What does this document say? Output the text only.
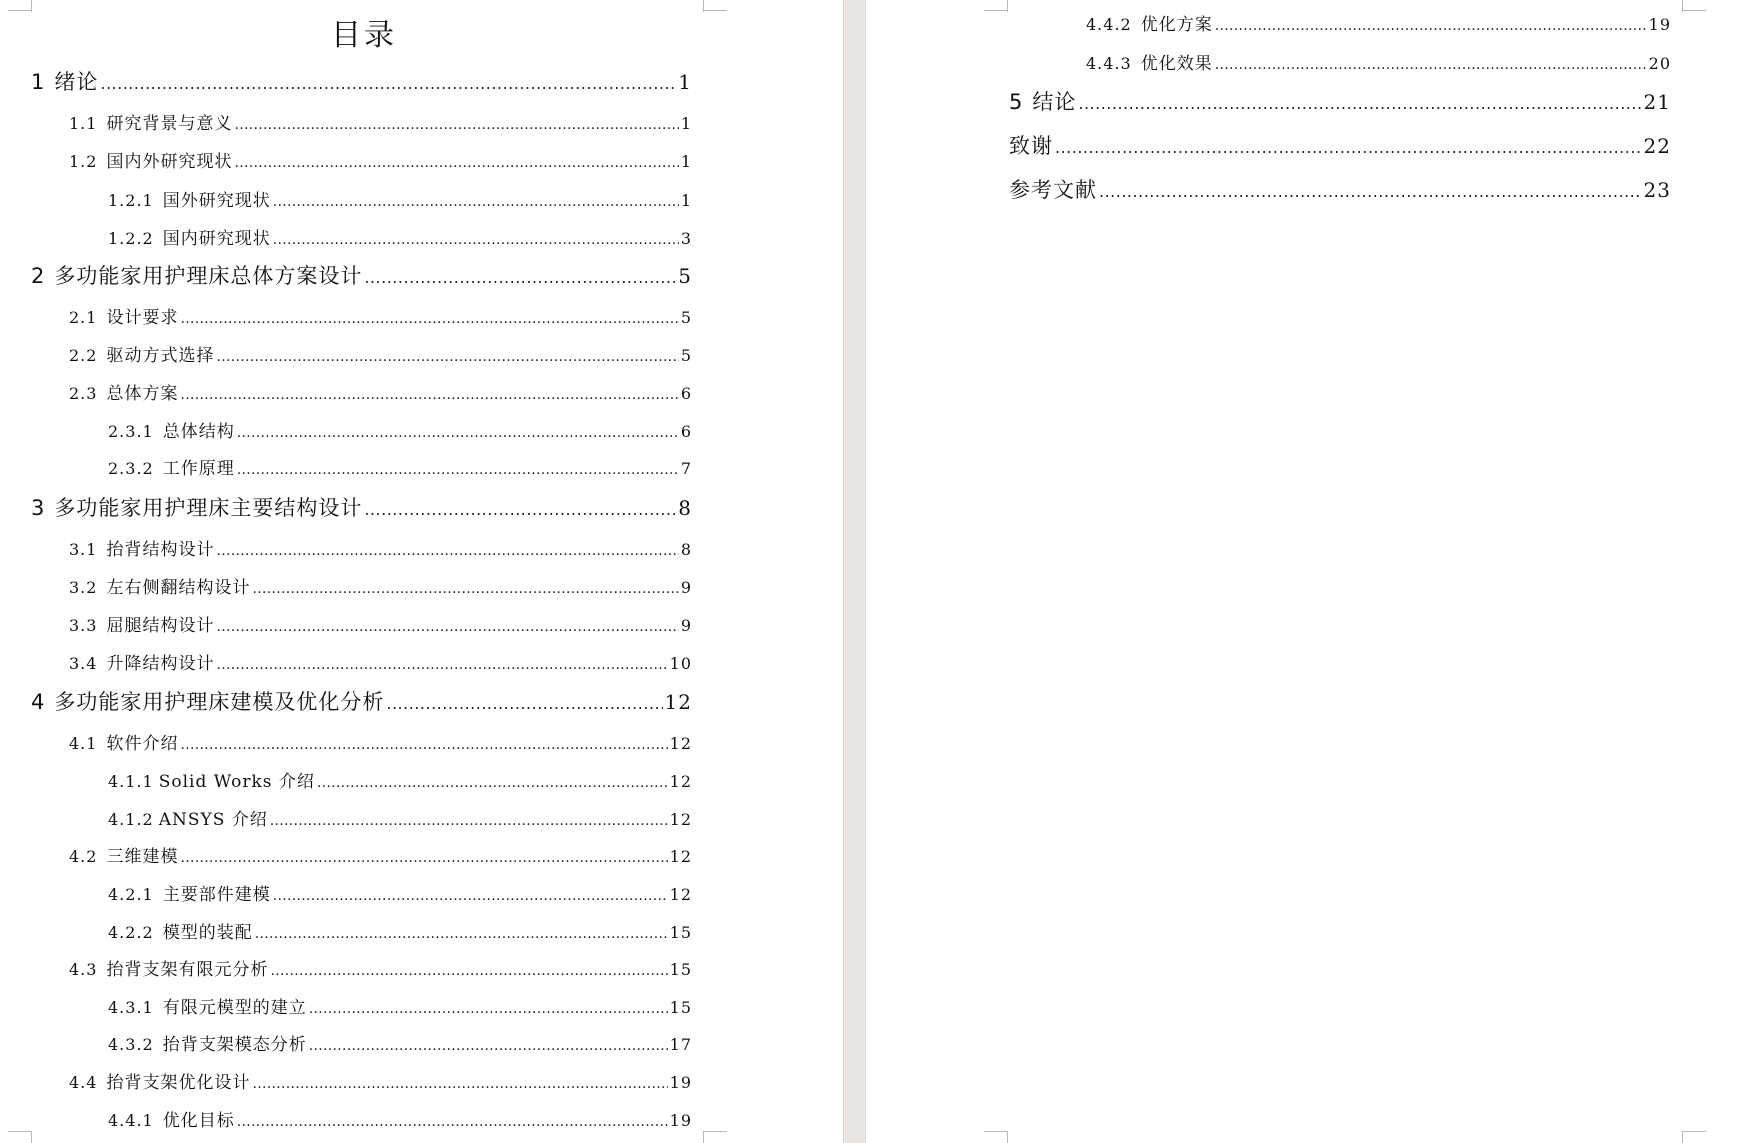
目录
1 绪论 .....	1
1.1 研究背景与意义 .....	1
1.2 国内外研究现状 .....	1
1.2.1 国外研究现状 .....	1
1.2.2 国内研究现状 .....	3
2 多功能家用护理床总体方案设计 .....	5
2.1 设计要求 .....	5
2.2 驱动方式选择 .....	5
2.3 总体方案 .....	6
2.3.1 总体结构 .....	6
2.3.2 工作原理 .....	7
3 多功能家用护理床主要结构设计 .....	8
3.1 抬背结构设计 .....	8
3.2 左右侧翻结构设计 .....	9
3.3 屈腿结构设计 .....	9
3.4 升降结构设计 .....	10
4 多功能家用护理床建模及优化分析 .....	12
4.1 软件介绍 .....	12
4.1.1 Solid Works 介绍 .....	12
4.1.2 ANSYS 介绍 .....	12
4.2 三维建模 .....	12
4.2.1 主要部件建模 .....	12
4.2.2 模型的装配 .....	15
4.3 抬背支架有限元分析 .....	15
4.3.1 有限元模型的建立 .....	15
4.3.2 抬背支架模态分析 .....	17
4.4 抬背支架优化设计 .....	19
4.4.1 优化目标 .....	19
4.4.2 优化方案 .....	19
4.4.3 优化效果 .....	20
5 结论 .....	21
致谢 .....	22
参考文献 .....	23
